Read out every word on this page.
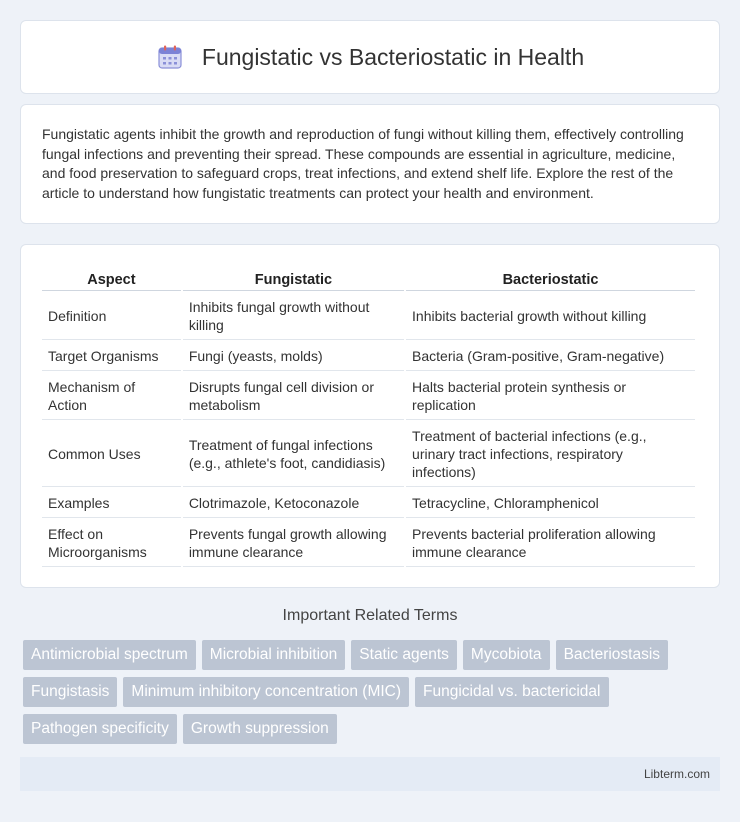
Fungistatic vs Bacteriostatic in Health

Fungistatic agents inhibit the growth and reproduction of fungi without killing them, effectively controlling fungal infections and preventing their spread. These compounds are essential in agriculture, medicine, and food preservation to safeguard crops, treat infections, and extend shelf life. Explore the rest of the article to understand how fungistatic treatments can protect your health and environment.

Aspect	Fungistatic	Bacteriostatic
Definition	Inhibits fungal growth without killing	Inhibits bacterial growth without killing
Target Organisms	Fungi (yeasts, molds)	Bacteria (Gram-positive, Gram-negative)
Mechanism of Action	Disrupts fungal cell division or metabolism	Halts bacterial protein synthesis or replication
Common Uses	Treatment of fungal infections (e.g., athlete's foot, candidiasis)	Treatment of bacterial infections (e.g., urinary tract infections, respiratory infections)
Examples	Clotrimazole, Ketoconazole	Tetracycline, Chloramphenicol
Effect on Microorganisms	Prevents fungal growth allowing immune clearance	Prevents bacterial proliferation allowing immune clearance
Important Related Terms
Antimicrobial spectrum	Microbial inhibition	Static agents	Mycobiota	Bacteriostasis
Fungistasis	Minimum inhibitory concentration (MIC)	Fungicidal vs. bactericidal
Pathogen specificity	Growth suppression
Libterm.com
